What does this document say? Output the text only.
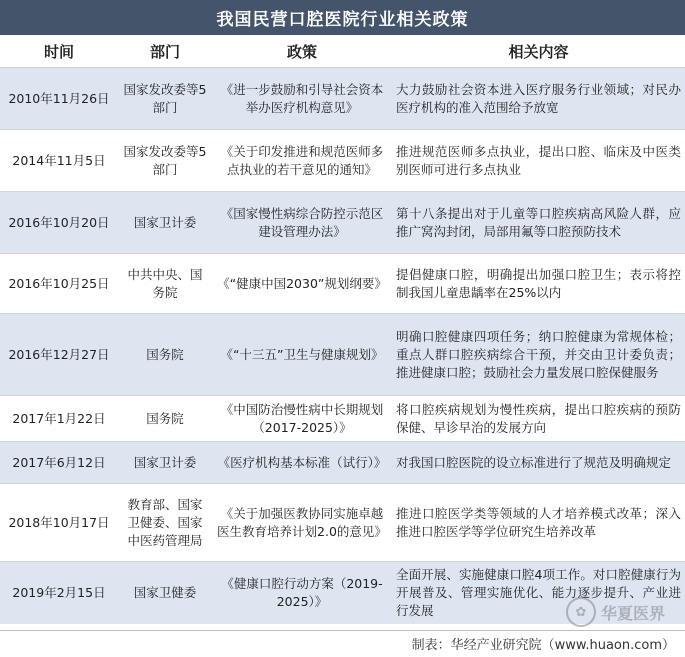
我国民营口腔医院行业相关政策
时间	部门	政策	相关内容
2010年11月26日	国家发改委等5部门	《进一步鼓励和引导社会资本举办医疗机构意见》	大力鼓励社会资本进入医疗服务行业领域；对民办医疗机构的准入范围给予放宽
2014年11月5日	国家发改委等5部门	《关于印发推进和规范医师多点执业的若干意见的通知》	推进规范医师多点执业，提出口腔、临床及中医类别医师可进行多点执业
2016年10月20日	国家卫计委	《国家慢性病综合防控示范区建设管理办法》	第十八条提出对于儿童等口腔疾病高风险人群，应推广窝沟封闭，局部用氟等口腔预防技术
2016年10月25日	中共中央、国务院	《“健康中国2030”规划纲要》	提倡健康口腔，明确提出加强口腔卫生；表示将控制我国儿童患龋率在25%以内
2016年12月27日	国务院	《“十三五”卫生与健康规划》	明确口腔健康四项任务；纳口腔健康为常规体检；重点人群口腔疾病综合干预，并交由卫计委负责；推进健康口腔；鼓励社会力量发展口腔保健服务
2017年1月22日	国务院	《中国防治慢性病中长期规划（2017-2025）》	将口腔疾病规划为慢性疾病，提出口腔疾病的预防保健、早诊早治的发展方向
2017年6月12日	国家卫计委	《医疗机构基本标准（试行）》	对我国口腔医院的设立标准进行了规范及明确规定
2018年10月17日	教育部、国家卫健委、国家中医药管理局	《关于加强医教协同实施卓越医生教育培养计划2.0的意见》	推进口腔医学类等领域的人才培养模式改革；深入推进口腔医学等学位研究生培养改革
2019年2月15日	国家卫健委	《健康口腔行动方案（2019-2025）》	全面开展、实施健康口腔4项工作。对口腔健康行为开展普及、管理实施优化、能力逐步提升、产业进行发展	✿ 华夏医界
制表：华经产业研究院（www.huaon.com）
